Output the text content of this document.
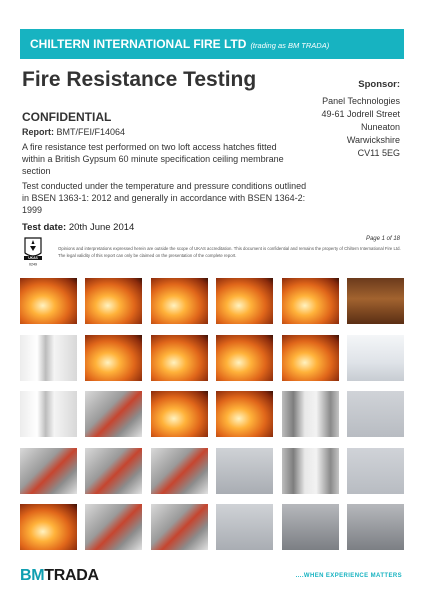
CHILTERN INTERNATIONAL FIRE LTD (trading as BM TRADA)
Fire Resistance Testing	Sponsor:
Panel Technologies
49-61 Jodrell Street
Nuneaton
Warwickshire
CV11 5EG
CONFIDENTIAL
Report: BMT/FEI/F14064
A fire resistance test performed on two loft access hatches fitted within a British Gypsum 60 minute specification ceiling membrane section
Test conducted under the temperature and pressure conditions outlined in BSEN 1363-1: 2012 and generally in accordance with BSEN 1364-2: 1999
Test date: 20th June 2014
UKAS
0249
Page 1 of 18
Opinions and interpretations expressed herein are outside the scope of UKAS accreditation. This document is confidential and remains the property of Chiltern International Fire Ltd. The legal validity of this report can only be claimed on the presentation of the complete report.
BMTRADA	....WHEN EXPERIENCE MATTERS
